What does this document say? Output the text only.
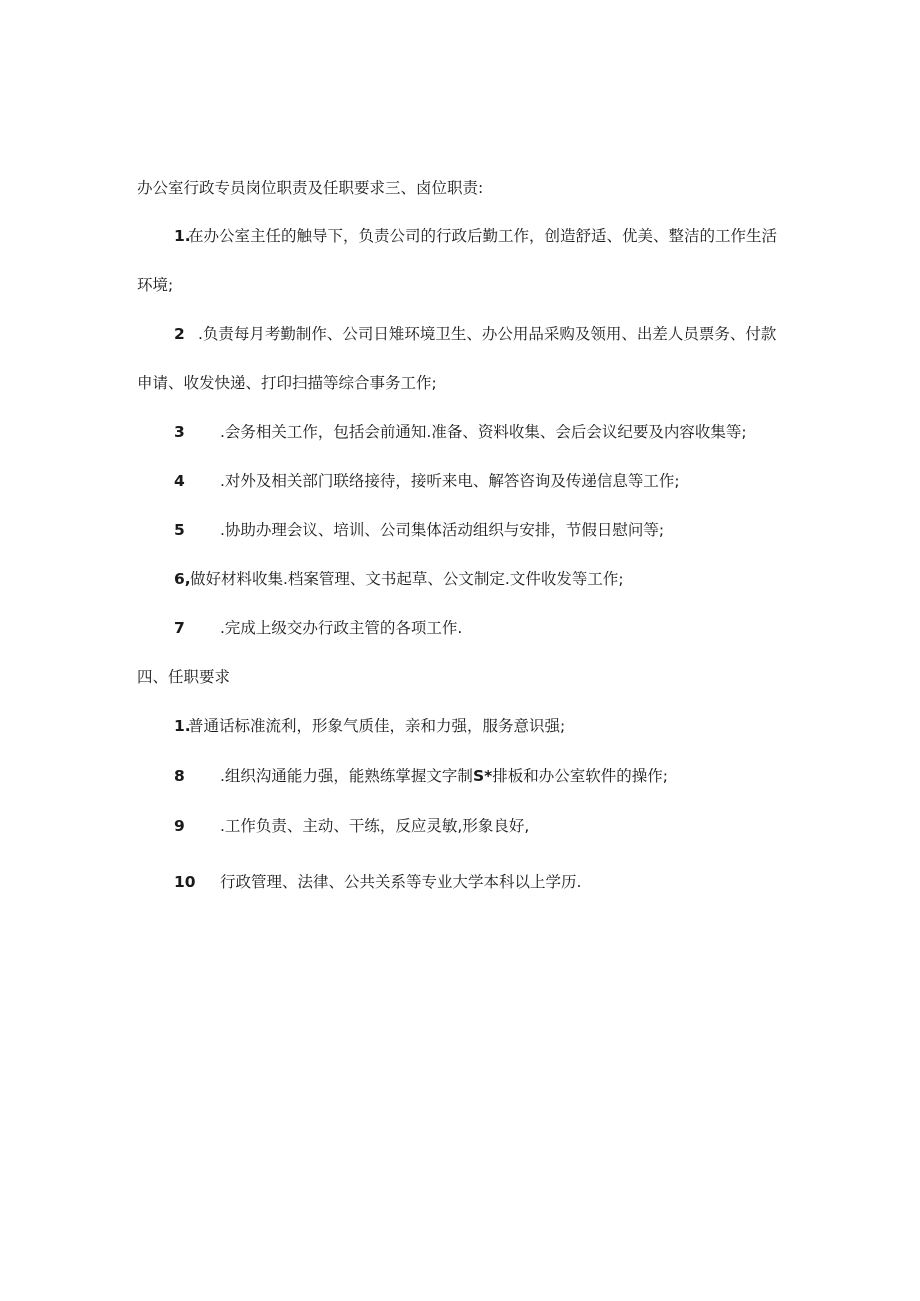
办公室行政专员岗位职责及任职要求三、卤位职责:
1.
在办公室主任的触导下，负责公司的行政后勤工作，创造舒适、优美、整洁的工作生活
环境;
2 .负责每月考勤制作、公司日雉环境卫生、办公用品采购及领用、出差人员票务、付款
申请、收发快递、打印扫描等综合事务工作;
3 .会务相关工作，包括会前通知.准备、资料收集、会后会议纪要及内容收集等;
4 .对外及相关部门联络接待，接听来电、解答咨询及传递信息等工作;
5 .协助办理会议、培训、公司集体活动组织与安排，节假日慰问等;
6, 做好材料收集.档案管理、文书起草、公文制定.文件收发等工作;
7 .完成上级交办行政主管的各项工作.
四、任职要求
1.
普通话标准流利，形象气质佳，亲和力强，服务意识强;
8 .组织沟通能力强，能熟练掌握文字制S*排板和办公室软件的操作;
9 .工作负责、主动、干练，反应灵敏,形象良好,
10 行政管理、法律、公共关系等专业大学本科以上学历.
